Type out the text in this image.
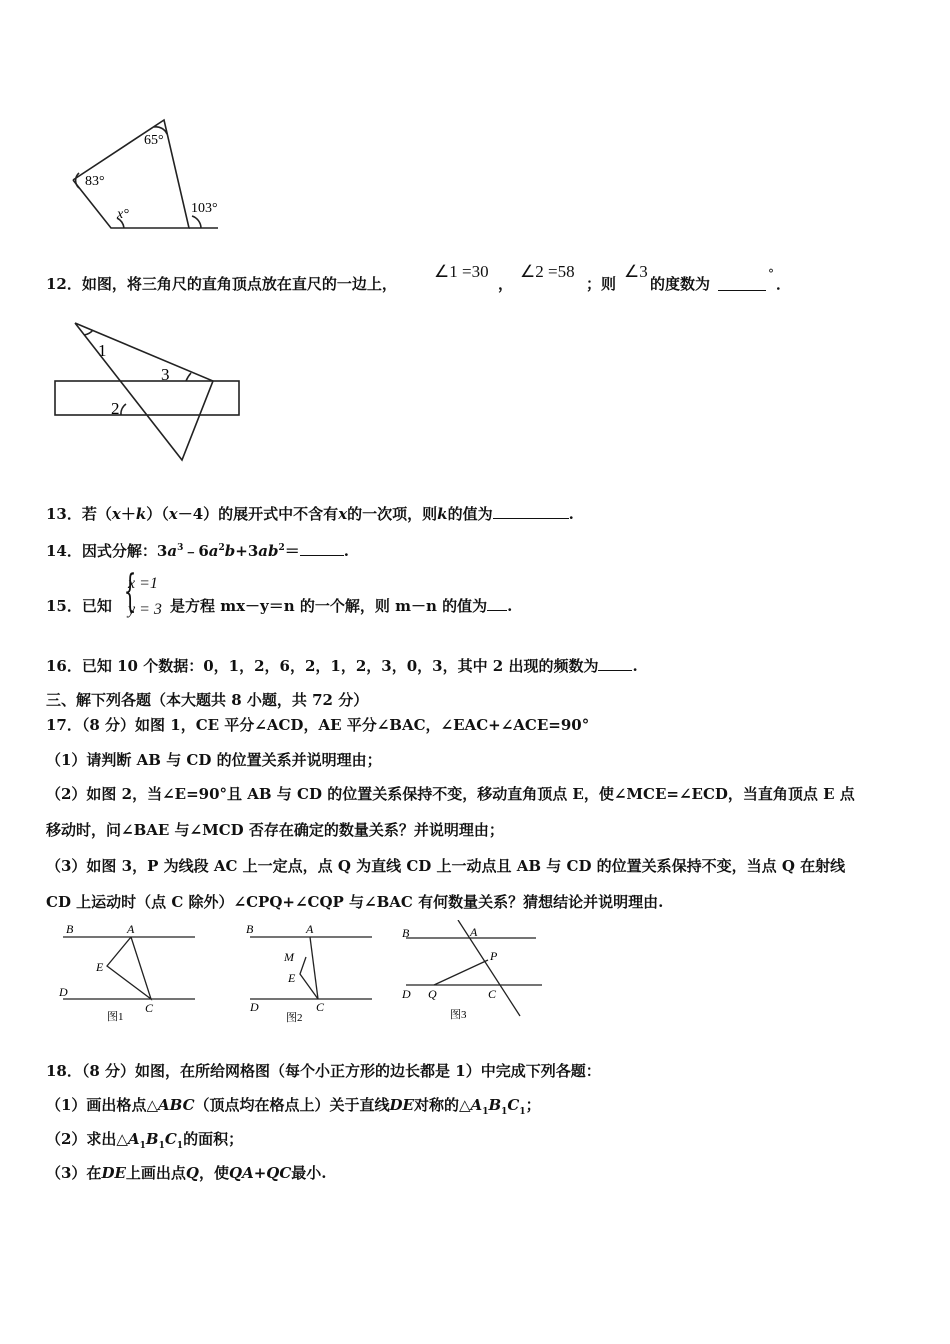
65°
83°
x°	103°
12．如图，将三角尺的直角顶点放在直尺的一边上，
∠1 =30
，
∠2 =58
；则
∠3
的度数为
°
．
1
3
2
13．若（x＋k）（x－4）的展开式中不含有x的一次项，则k的值为	.
14．因式分解：$3a^3﹣6a^2b+3ab^2=$	.
15．已知 {
x =1
y = 3 是方程 mx－y＝n 的一个解，则 m－n 的值为 .
16．已知 10 个数据：0，1，2，6，2，1，2，3，0，3，其中 2 出现的频数为 .
三、解下列各题（本大题共 8 小题，共 72 分）
17．（8 分）如图 1，CE 平分∠ACD，AE 平分∠BAC，∠EAC+∠ACE=90°
（1）请判断 AB 与 CD 的位置关系并说明理由；
（2）如图 2，当∠E=90°且 AB 与 CD 的位置关系保持不变，移动直角顶点 E，使∠MCE=∠ECD，当直角顶点 E 点
移动时，问∠BAE 与∠MCD 否存在确定的数量关系？并说明理由；
（3）如图 3，P 为线段 AC 上一定点，点 Q 为直线 CD 上一动点且 AB 与 CD 的位置关系保持不变，当点 Q 在射线
CD 上运动时（点 C 除外）∠CPQ+∠CQP 与∠BAC 有何数量关系？猜想结论并说明理由.
B	A
E
D
C
图1
B	A
M
E
D	C
图2
B	A
P
D Q	C
图3
18．（8 分）如图，在所给网格图（每个小正方形的边长都是 1）中完成下列各题：
（1）画出格点△ABC（顶点均在格点上）关于直线DE对称的$\triangle A_1B_1C_1$；
（2）求出$\triangle A_1B_1C_1$的面积；
（3）在DE上画出点Q，使QA+QC最小.
